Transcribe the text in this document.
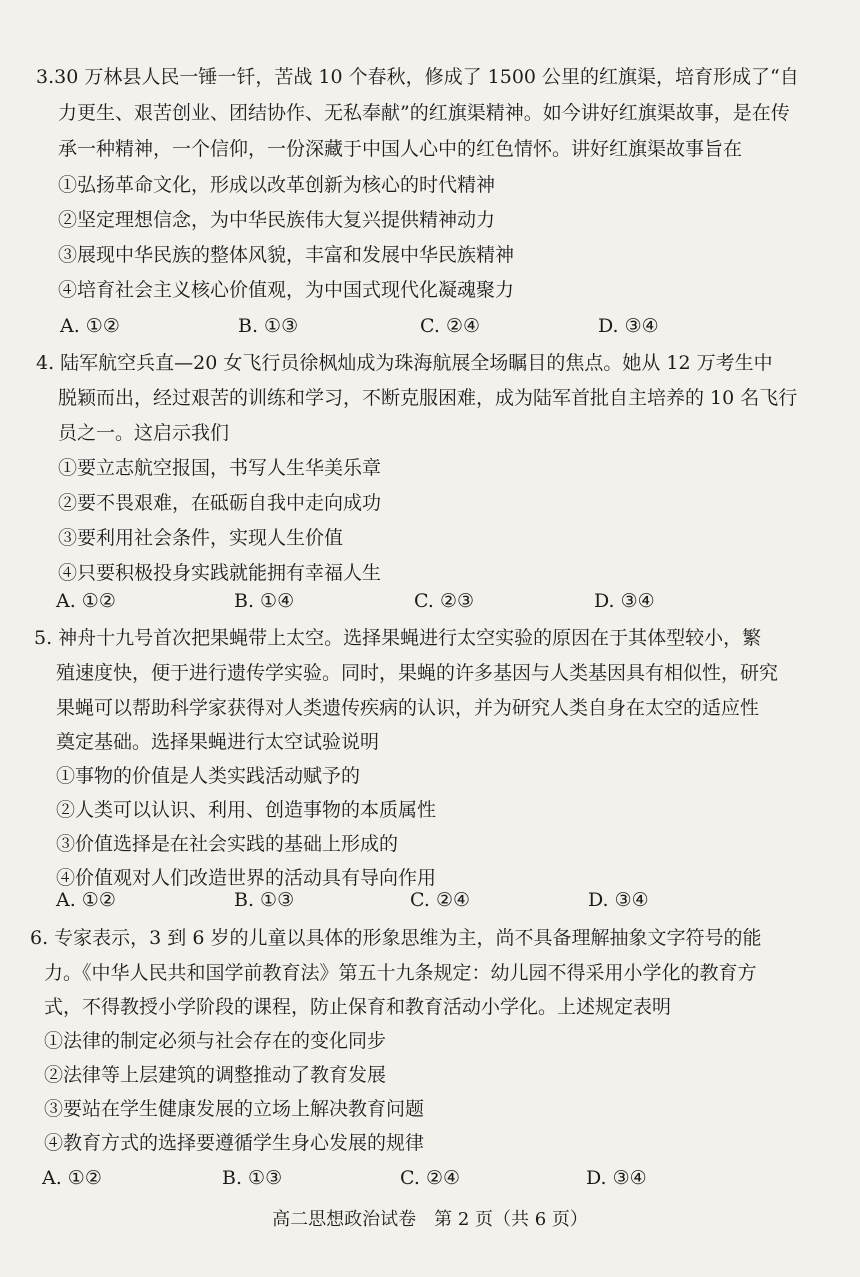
3.30 万林县人民一锤一钎，苦战 10 个春秋，修成了 1500 公里的红旗渠，培育形成了“自
力更生、艰苦创业、团结协作、无私奉献”的红旗渠精神。如今讲好红旗渠故事，是在传
承一种精神，一个信仰，一份深藏于中国人心中的红色情怀。讲好红旗渠故事旨在
①弘扬革命文化，形成以改革创新为核心的时代精神
②坚定理想信念，为中华民族伟大复兴提供精神动力
③展现中华民族的整体风貌，丰富和发展中华民族精神
④培育社会主义核心价值观，为中国式现代化凝魂聚力
A. ①②	B. ①③	C. ②④	D. ③④
4. 陆军航空兵直—20 女飞行员徐枫灿成为珠海航展全场瞩目的焦点。她从 12 万考生中
脱颖而出，经过艰苦的训练和学习，不断克服困难，成为陆军首批自主培养的 10 名飞行
员之一。这启示我们
①要立志航空报国，书写人生华美乐章
②要不畏艰难，在砥砺自我中走向成功
③要利用社会条件，实现人生价值
④只要积极投身实践就能拥有幸福人生
A. ①②	B. ①④	C. ②③	D. ③④
5. 神舟十九号首次把果蝇带上太空。选择果蝇进行太空实验的原因在于其体型较小，繁
殖速度快，便于进行遗传学实验。同时，果蝇的许多基因与人类基因具有相似性，研究
果蝇可以帮助科学家获得对人类遗传疾病的认识，并为研究人类自身在太空的适应性
奠定基础。选择果蝇进行太空试验说明
①事物的价值是人类实践活动赋予的
②人类可以认识、利用、创造事物的本质属性
③价值选择是在社会实践的基础上形成的
④价值观对人们改造世界的活动具有导向作用
A. ①②	B. ①③	C. ②④	D. ③④
6. 专家表示，3 到 6 岁的儿童以具体的形象思维为主，尚不具备理解抽象文字符号的能
力。《中华人民共和国学前教育法》第五十九条规定：幼儿园不得采用小学化的教育方
式，不得教授小学阶段的课程，防止保育和教育活动小学化。上述规定表明
①法律的制定必须与社会存在的变化同步
②法律等上层建筑的调整推动了教育发展
③要站在学生健康发展的立场上解决教育问题
④教育方式的选择要遵循学生身心发展的规律
A. ①②	B. ①③	C. ②④	D. ③④
高二思想政治试卷　第 2 页（共 6 页）
